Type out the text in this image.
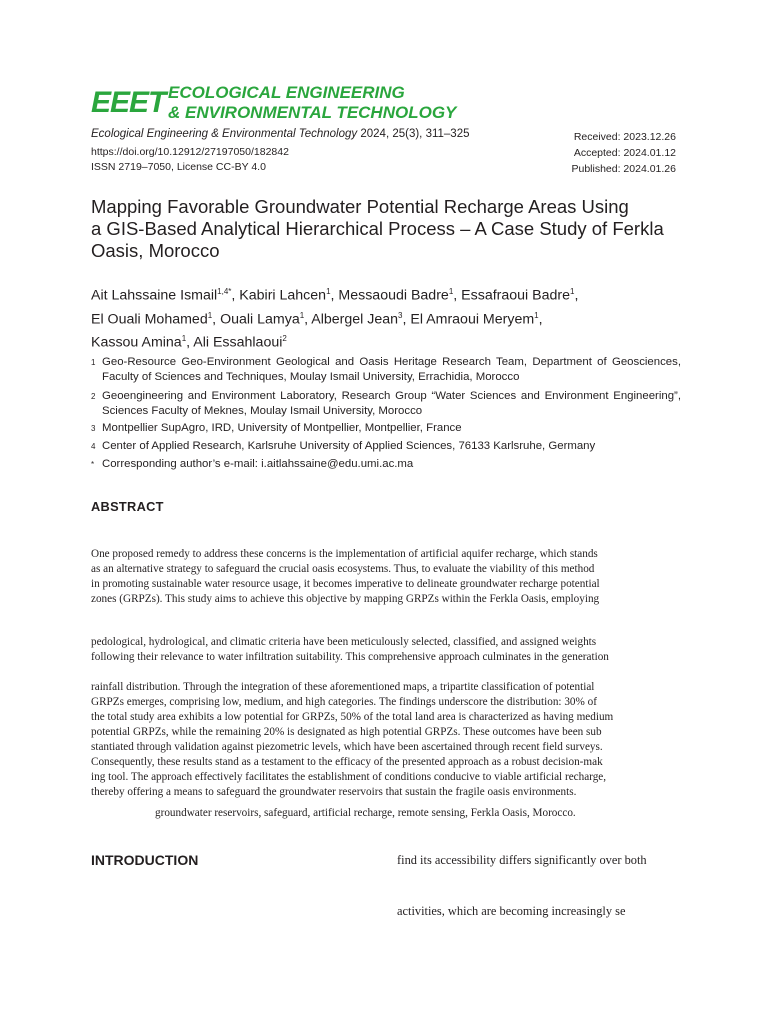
EEET ECOLOGICAL ENGINEERING
& ENVIRONMENTAL TECHNOLOGY
Ecological Engineering & Environmental Technology 2024, 25(3), 311–325
https://doi.org/10.12912/27197050/182842
ISSN 2719–7050, License CC-BY 4.0
Received: 2023.12.26
Accepted: 2024.01.12
Published: 2024.01.26
Mapping Favorable Groundwater Potential Recharge Areas Using
a GIS-Based Analytical Hierarchical Process – A Case Study of Ferkla
Oasis, Morocco
Ait Lahssaine Ismail$^{1,4*}$, Kabiri Lahcen$^1$, Messaoudi Badre$^1$, Essafraoui Badre$^1$,
El Ouali Mohamed$^1$, Ouali Lamya$^1$, Albergel Jean$^3$, El Amraoui Meryem$^1$,
Kassou Amina$^1$, Ali Essahlaoui$^2$
1 Geo-Resource Geo-Environment Geological and Oasis Heritage Research Team, Department of Geosciences, Faculty of Sciences and Techniques, Moulay Ismail University, Errachidia, Morocco
2 Geoengineering and Environment Laboratory, Research Group “Water Sciences and Environment Engineering”, Sciences Faculty of Meknes, Moulay Ismail University, Morocco
3 Montpellier SupAgro, IRD, University of Montpellier, Montpellier, France
4 Center of Applied Research, Karlsruhe University of Applied Sciences, 76133 Karlsruhe, Germany
* Corresponding author’s e-mail: i.aitlahssaine@edu.umi.ac.ma
ABSTRACT
One proposed remedy to address these concerns is the implementation of artificial aquifer recharge, which stands
as an alternative strategy to safeguard the crucial oasis ecosystems. Thus, to evaluate the viability of this method
in promoting sustainable water resource usage, it becomes imperative to delineate groundwater recharge potential
zones (GRPZs). This study aims to achieve this objective by mapping GRPZs within the Ferkla Oasis, employing
pedological, hydrological, and climatic criteria have been meticulously selected, classified, and assigned weights
following their relevance to water infiltration suitability. This comprehensive approach culminates in the generation
rainfall distribution. Through the integration of these aforementioned maps, a tripartite classification of potential
GRPZs emerges, comprising low, medium, and high categories. The findings underscore the distribution: 30% of
the total study area exhibits a low potential for GRPZs, 50% of the total land area is characterized as having medium
potential GRPZs, while the remaining 20% is designated as high potential GRPZs. These outcomes have been sub
stantiated through validation against piezometric levels, which have been ascertained through recent field surveys.
Consequently, these results stand as a testament to the efficacy of the presented approach as a robust decision-mak
ing tool. The approach effectively facilitates the establishment of conditions conducive to viable artificial recharge,
thereby offering a means to safeguard the groundwater reservoirs that sustain the fragile oasis environments.
groundwater reservoirs, safeguard, artificial recharge, remote sensing, Ferkla Oasis, Morocco.
INTRODUCTION	find its accessibility differs significantly over both
activities, which are becoming increasingly se
